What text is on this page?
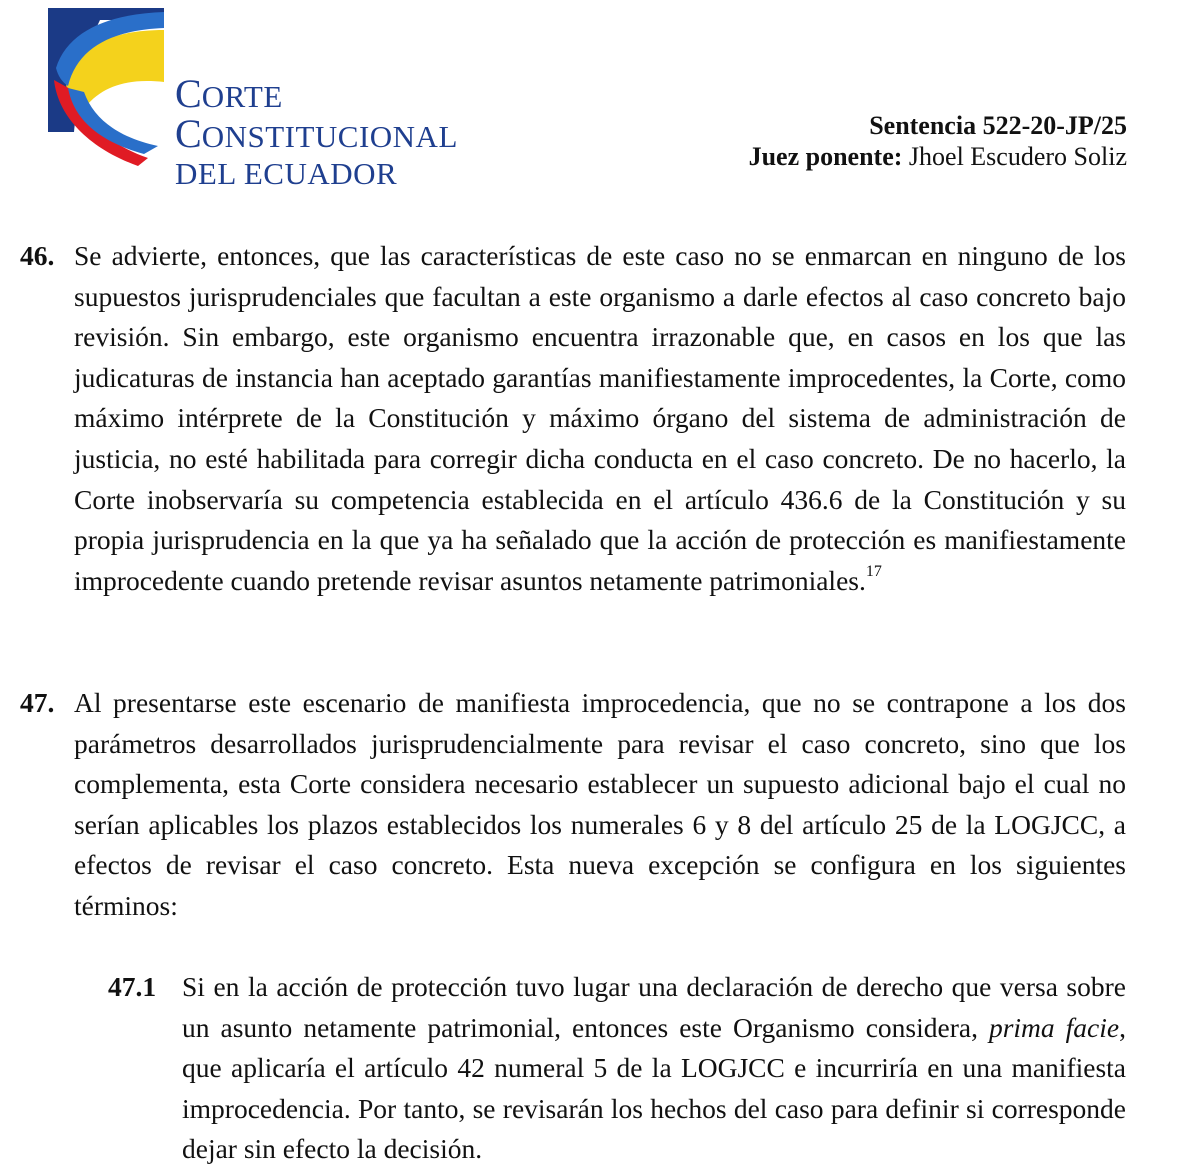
CORTE
CONSTITUCIONAL
DEL ECUADOR
Sentencia 522-20-JP/25
Juez ponente: Jhoel Escudero Soliz
46. Se advierte, entonces, que las características de este caso no se enmarcan en ninguno de los supuestos jurisprudenciales que facultan a este organismo a darle efectos al caso concreto bajo revisión. Sin embargo, este organismo encuentra irrazonable que, en casos en los que las judicaturas de instancia han aceptado garantías manifiestamente improcedentes, la Corte, como máximo intérprete de la Constitución y máximo órgano del sistema de administración de justicia, no esté habilitada para corregir dicha conducta en el caso concreto. De no hacerlo, la Corte inobservaría su competencia establecida en el artículo 436.6 de la Constitución y su propia jurisprudencia en la que ya ha señalado que la acción de protección es manifiestamente improcedente cuando pretende revisar asuntos netamente patrimoniales.$^{17}$
47. Al presentarse este escenario de manifiesta improcedencia, que no se contrapone a los dos parámetros desarrollados jurisprudencialmente para revisar el caso concreto, sino que los complementa, esta Corte considera necesario establecer un supuesto adicional bajo el cual no serían aplicables los plazos establecidos los numerales 6 y 8 del artículo 25 de la LOGJCC, a efectos de revisar el caso concreto. Esta nueva excepción se configura en los siguientes términos:
47.1 Si en la acción de protección tuvo lugar una declaración de derecho que versa sobre un asunto netamente patrimonial, entonces este Organismo considera, prima facie, que aplicaría el artículo 42 numeral 5 de la LOGJCC e incurriría en una manifiesta improcedencia. Por tanto, se revisarán los hechos del caso para definir si corresponde dejar sin efecto la decisión.
